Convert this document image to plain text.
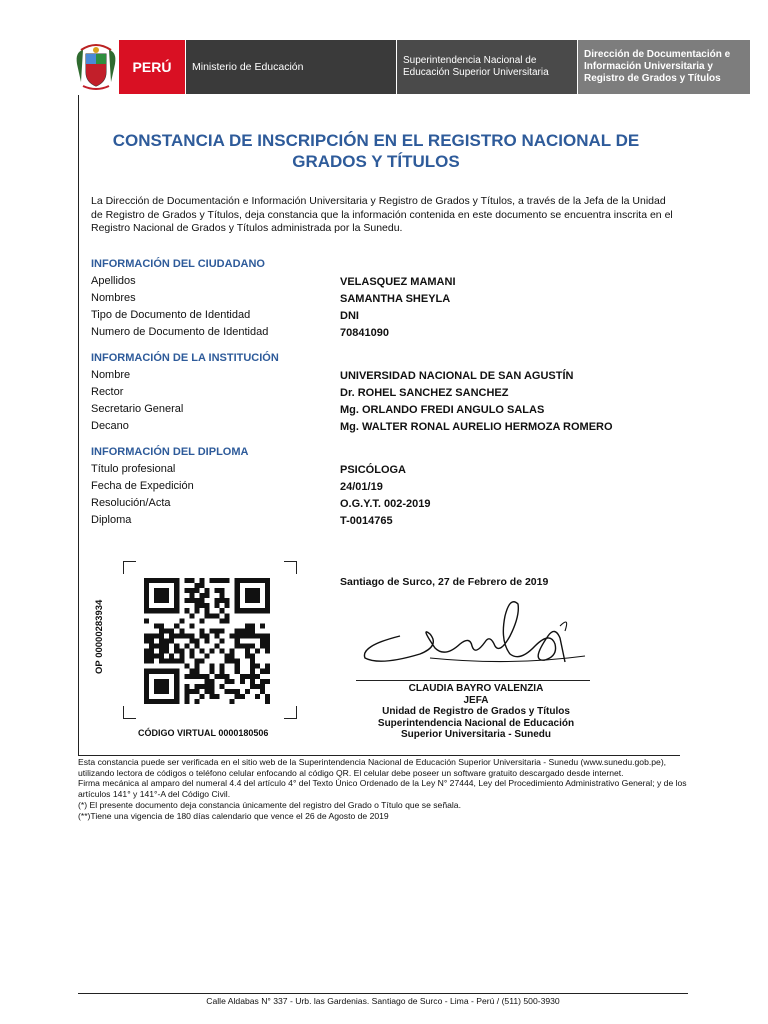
PERÚ Ministerio de Educación
Superintendencia Nacional de
Educación Superior Universitaria
Dirección de Documentación e
Información Universitaria y
Registro de Grados y Títulos
CONSTANCIA DE INSCRIPCIÓN EN EL REGISTRO NACIONAL DE
GRADOS Y TÍTULOS
La Dirección de Documentación e Información Universitaria y Registro de Grados y Títulos, a través de la Jefa de la Unidad de Registro de Grados y Títulos, deja constancia que la información contenida en este documento se encuentra inscrita en el Registro Nacional de Grados y Títulos administrada por la Sunedu.
INFORMACIÓN DEL CIUDADANO
Apellidos	VELASQUEZ MAMANI
Nombres	SAMANTHA SHEYLA
Tipo de Documento de Identidad	DNI
Numero de Documento de Identidad	70841090
INFORMACIÓN DE LA INSTITUCIÓN
Nombre	UNIVERSIDAD NACIONAL DE SAN AGUSTÍN
Rector	Dr. ROHEL SANCHEZ SANCHEZ
Secretario General	Mg. ORLANDO FREDI ANGULO SALAS
Decano	Mg. WALTER RONAL AURELIO HERMOZA ROMERO
INFORMACIÓN DEL DIPLOMA
Título profesional	PSICÓLOGA
Fecha de Expedición	24/01/19
Resolución/Acta	O.G.Y.T. 002-2019
Diploma	T-0014765
OP 00000283934
CÓDIGO VIRTUAL 0000180506
Santiago de Surco, 27 de Febrero de 2019
CLAUDIA BAYRO VALENZIA
JEFA
Unidad de Registro de Grados y Títulos
Superintendencia Nacional de Educación
Superior Universitaria - Sunedu
Esta constancia puede ser verificada en el sitio web de la Superintendencia Nacional de Educación Superior Universitaria - Sunedu (www.sunedu.gob.pe), utilizando lectora de códigos o teléfono celular enfocando al código QR. El celular debe poseer un software gratuito descargado desde internet.
Firma mecánica al amparo del numeral 4.4 del artículo 4° del Texto Único Ordenado de la Ley N° 27444, Ley del Procedimiento Administrativo General; y de los artículos 141° y 141°-A del Código Civil.
(*) El presente documento deja constancia únicamente del registro del Grado o Título que se señala.
(**)Tiene una vigencia de 180 días calendario que vence el 26 de Agosto de 2019
Calle Aldabas N° 337 - Urb. las Gardenias. Santiago de Surco - Lima - Perú / (511) 500-3930
